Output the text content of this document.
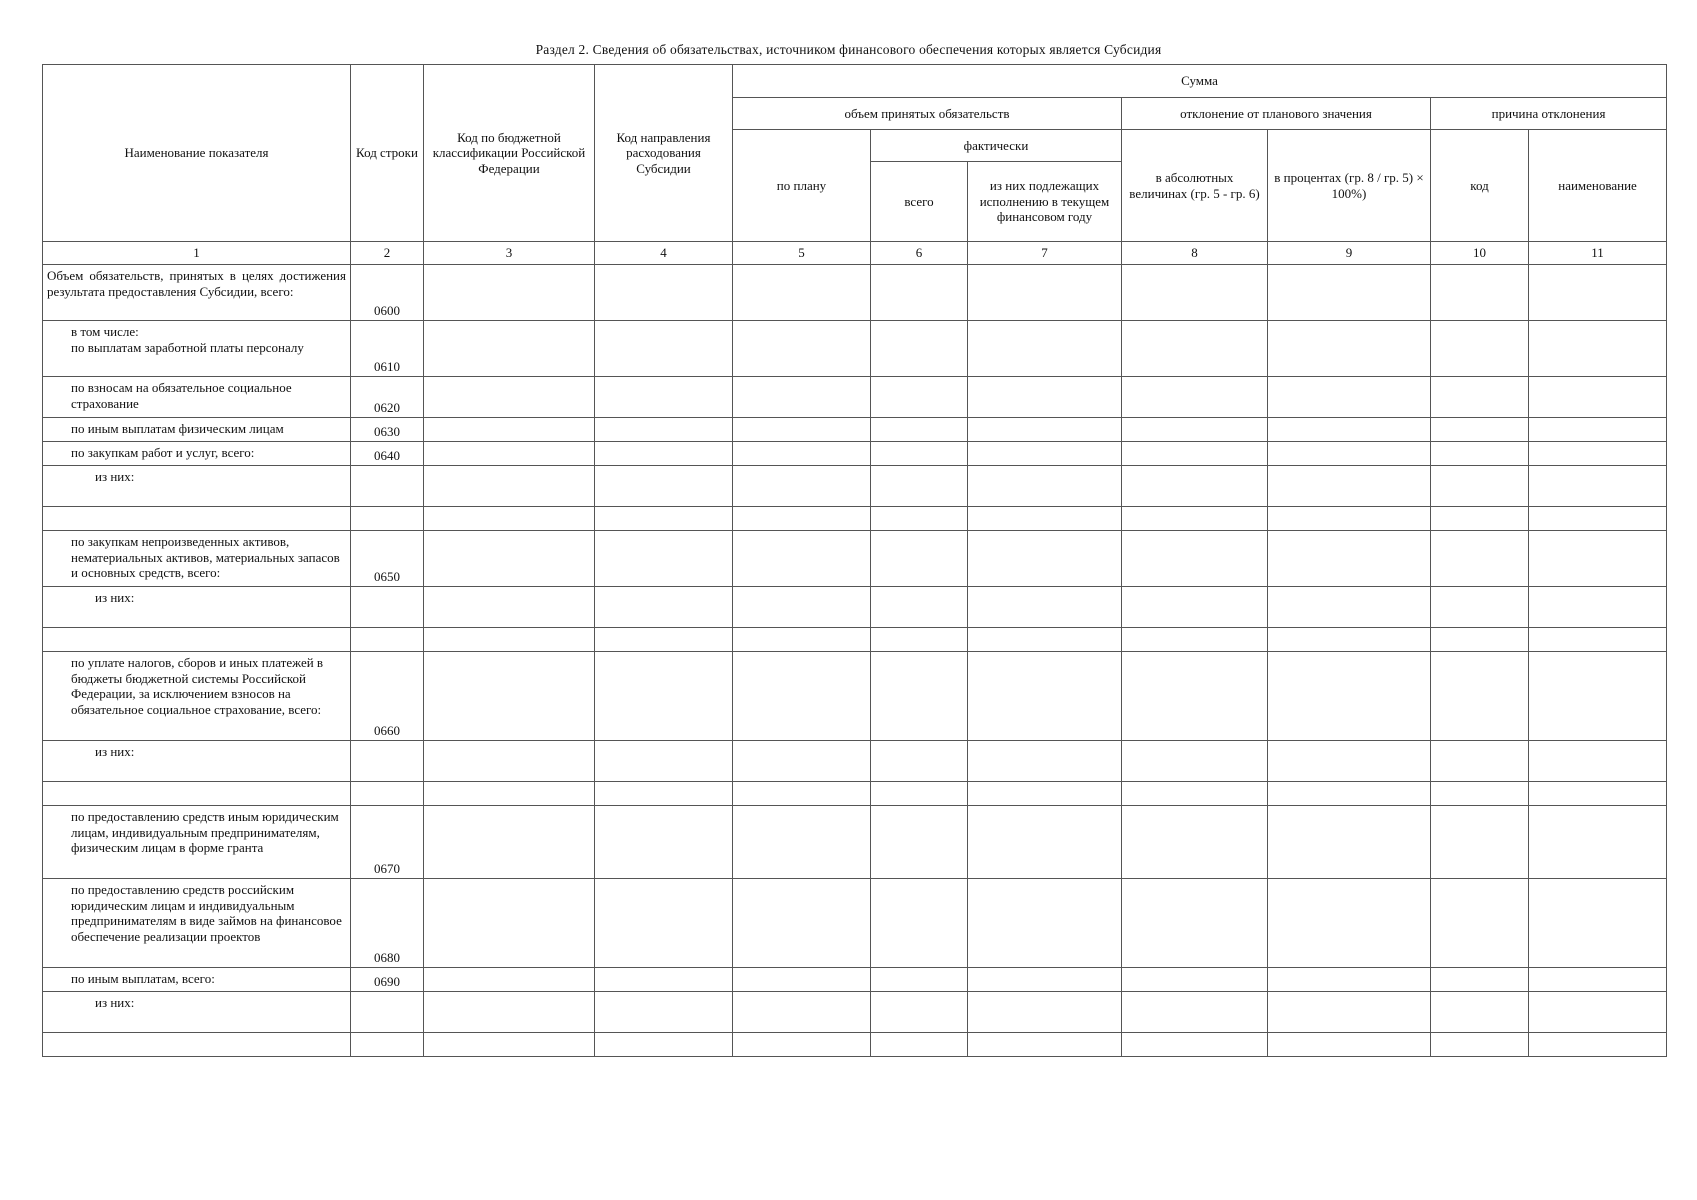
Раздел 2. Сведения об обязательствах, источником финансового обеспечения которых является Субсидия
Наименование показателя	Код строки	Код по бюджетной классификации Российской Федерации	Код направления расходования Субсидии	Сумма						
				объем принятых обязательств			отклонение от планового значения		причина отклонения	
				по плану	фактически		в абсолютных величинах (гр. 5 - гр. 6)	в процентах (гр. 8 / гр. 5) × 100%)	код	наименование
					всего	из них подлежащих исполнению в текущем финансовом году				
1	2	3	4	5	6	7	8	9	10	11
Объем обязательств, принятых в целях достижения результата предоставления Субсидии, всего:	0600									
в том числе:
по выплатам заработной платы персоналу	0610									
по взносам на обязательное социальное страхование	0620									
по иным выплатам физическим лицам	0630									
по закупкам работ и услуг, всего:	0640									
из них:										

по закупкам непроизведенных активов, нематериальных активов, материальных запасов и основных средств, всего:	0650									
из них:										

по уплате налогов, сборов и иных платежей в бюджеты бюджетной системы Российской Федерации, за исключением взносов на обязательное социальное страхование, всего:	0660									
из них:										

по предоставлению средств иным юридическим лицам, индивидуальным предпринимателям, физическим лицам в форме гранта	0670									
по предоставлению средств российским юридическим лицам и индивидуальным предпринимателям в виде займов на финансовое обеспечение реализации проектов	0680									
по иным выплатам, всего:	0690									
из них:										
